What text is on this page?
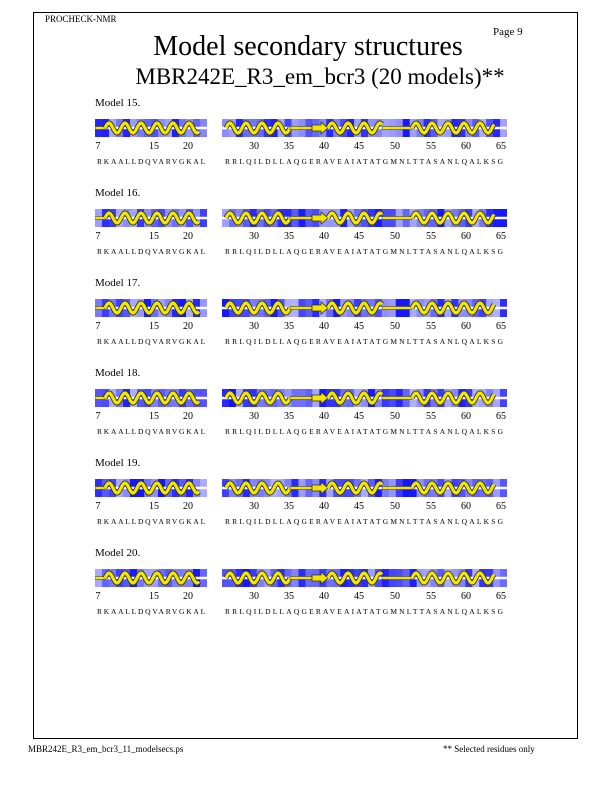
PROCHECK-NMR
Page 9
Model secondary structures
MBR242E_R3_em_bcr3 (20 models)**
Model 15.
7	15 20	30	35	40	45	50	55	60	65
RKAALLDQVARVGKAL RRLQILDLLAQGERAVEAIATATGMNLTTASANLQALKSG
Model 16.
7	15 20	30	35	40	45	50	55	60	65
RKAALLDQVARVGKAL RRLQILDLLAQGERAVEAIATATGMNLTTASANLQALKSG
Model 17.
7	15 20	30	35	40	45	50	55	60	65
RKAALLDQVARVGKAL RRLQILDLLAQGERAVEAIATATGMNLTTASANLQALKSG
Model 18.
7	15 20	30	35	40	45	50	55	60	65
RKAALLDQVARVGKAL RRLQILDLLAQGERAVEAIATATGMNLTTASANLQALKSG
Model 19.
7	15 20	30	35	40	45	50	55	60	65
RKAALLDQVARVGKAL RRLQILDLLAQGERAVEAIATATGMNLTTASANLQALKSG
Model 20.
7	15 20	30	35	40	45	50	55	60	65
RKAALLDQVARVGKAL RRLQILDLLAQGERAVEAIATATGMNLTTASANLQALKSG
MBR242E_R3_em_bcr3_11_modelsecs.ps	** Selected residues only
